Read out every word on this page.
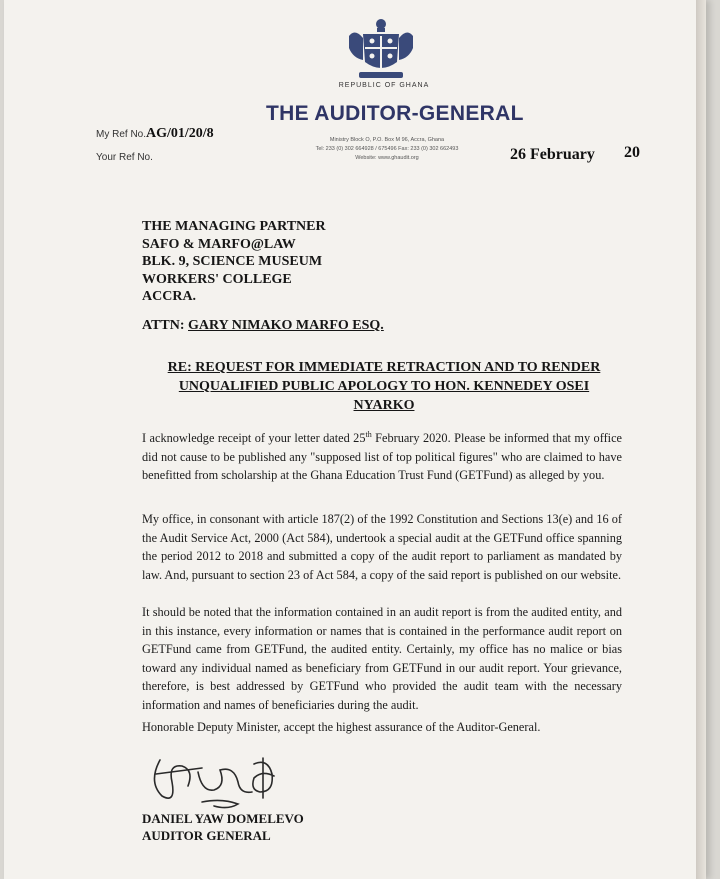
REPUBLIC OF GHANA
THE AUDITOR-GENERAL
My Ref No.AG/01/20/8
Your Ref No.
Ministry Block O, P.O. Box M 96, Accra, Ghana
Tel: 233 (0) 302 664928 / 675496 Fax: 233 (0) 302 662493
Website: www.ghaudit.org	26 February 20
THE MANAGING PARTNER
SAFO & MARFO@LAW
BLK. 9, SCIENCE MUSEUM
WORKERS' COLLEGE
ACCRA.
ATTN: GARY NIMAKO MARFO ESQ.
RE: REQUEST FOR IMMEDIATE RETRACTION AND TO RENDER
UNQUALIFIED PUBLIC APOLOGY TO HON. KENNEDEY OSEI NYARKO
I acknowledge receipt of your letter dated 25th February 2020. Please be informed that my office did not cause to be published any "supposed list of top political figures" who are claimed to have benefitted from scholarship at the Ghana Education Trust Fund (GETFund) as alleged by you.
My office, in consonant with article 187(2) of the 1992 Constitution and Sections 13(e) and 16 of the Audit Service Act, 2000 (Act 584), undertook a special audit at the GETFund office spanning the period 2012 to 2018 and submitted a copy of the audit report to parliament as mandated by law. And, pursuant to section 23 of Act 584, a copy of the said report is published on our website.
It should be noted that the information contained in an audit report is from the audited entity, and in this instance, every information or names that is contained in the performance audit report on GETFund came from GETFund, the audited entity. Certainly, my office has no malice or bias toward any individual named as beneficiary from GETFund in our audit report. Your grievance, therefore, is best addressed by GETFund who provided the audit team with the necessary information and names of beneficiaries during the audit.
Honorable Deputy Minister, accept the highest assurance of the Auditor-General.
DANIEL YAW DOMELEVO
AUDITOR GENERAL
